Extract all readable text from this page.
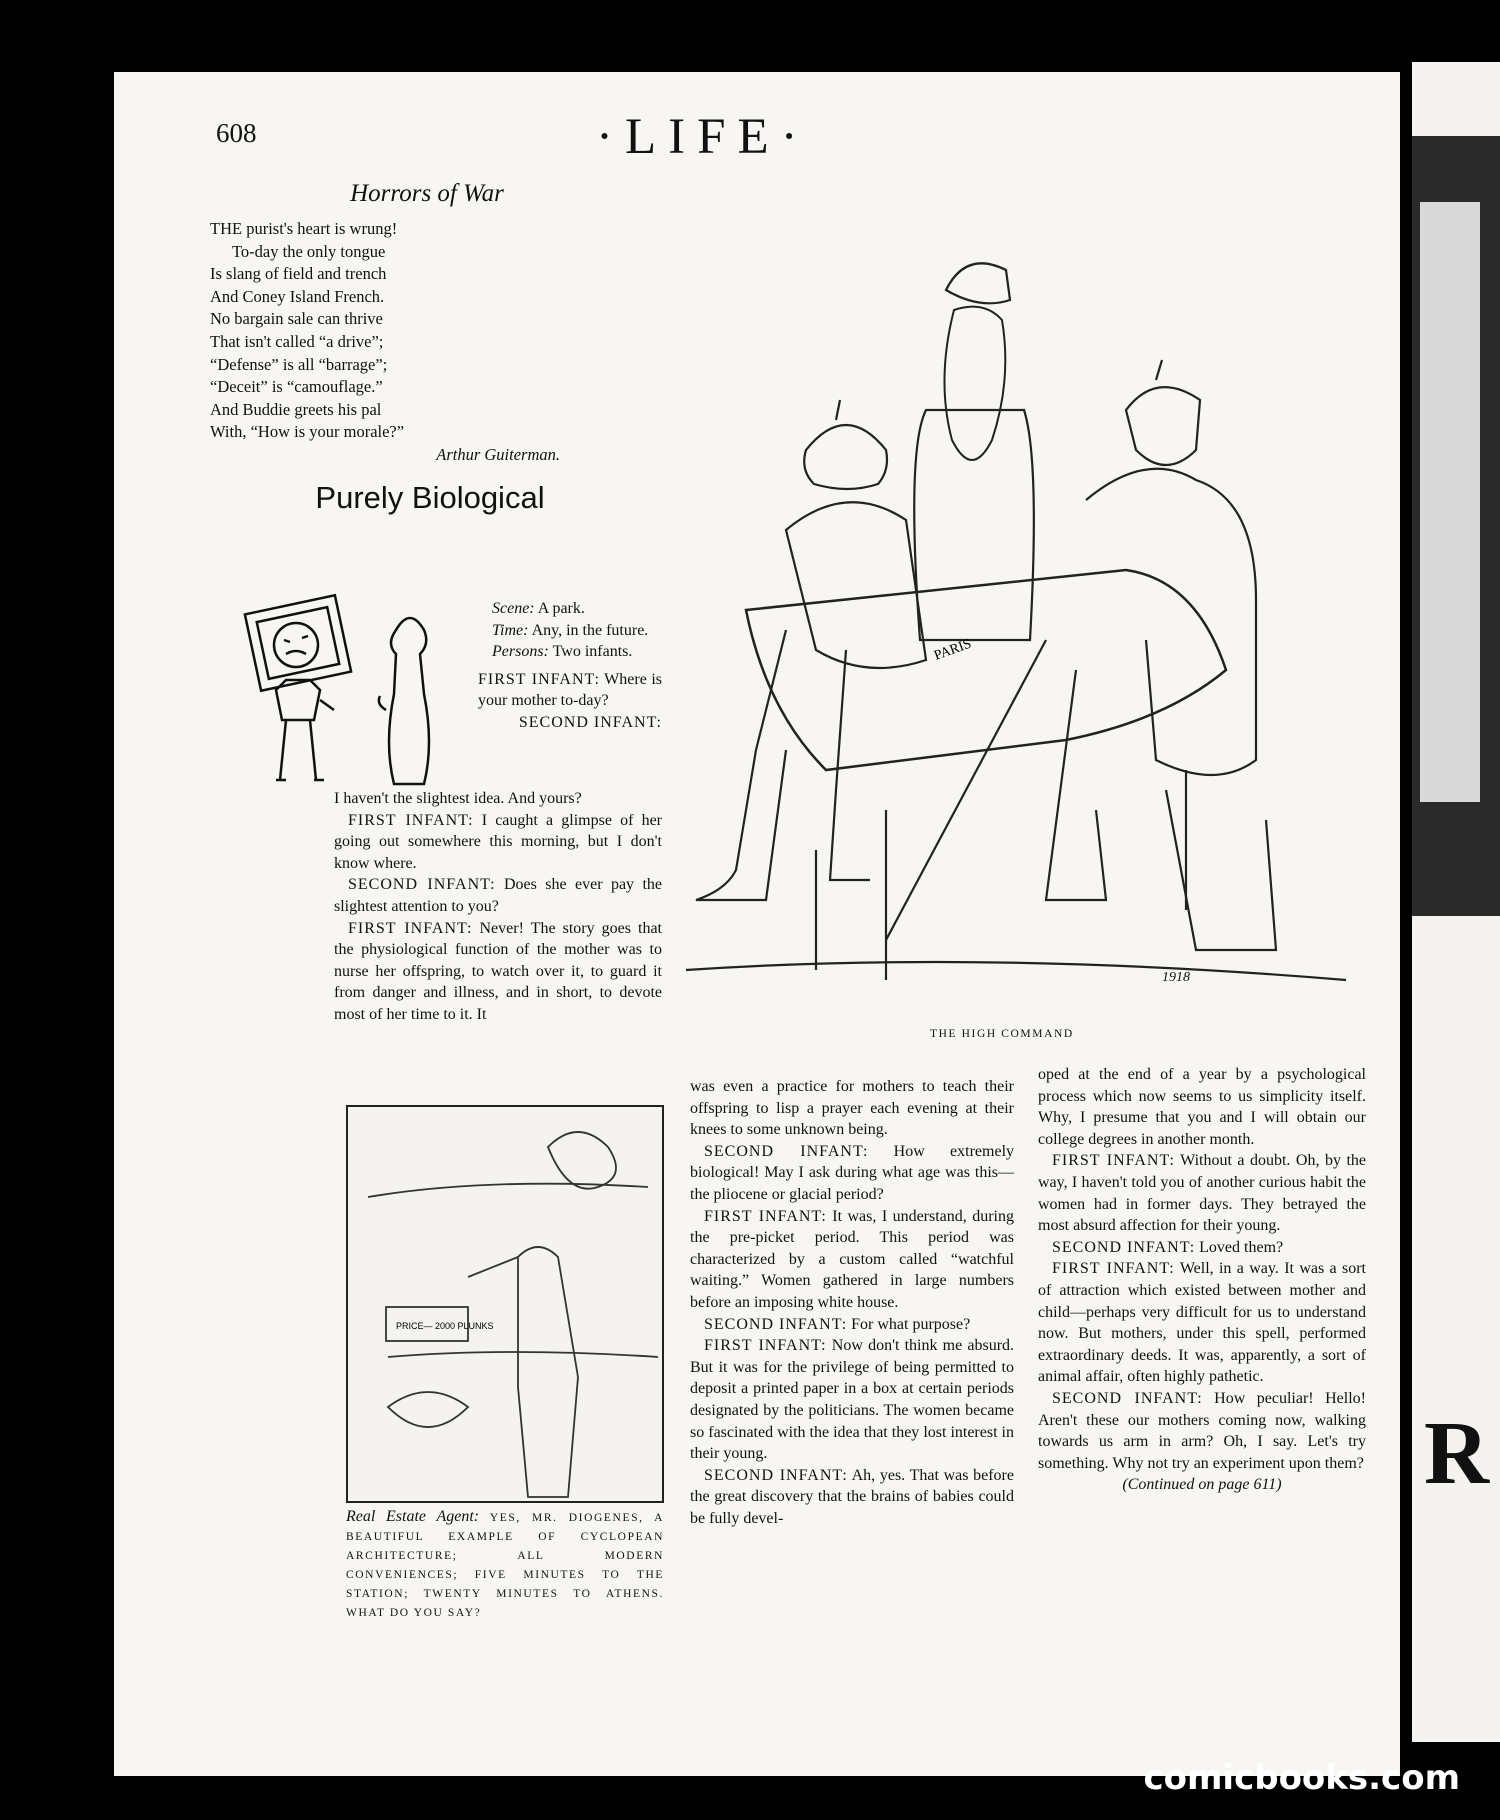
R
608	·LIFE·
Horrors of War
THE purist's heart is wrung!
To-day the only tongue
Is slang of field and trench
And Coney Island French.
No bargain sale can thrive
That isn't called “a drive”;
“Defense” is all “barrage”;
“Deceit” is “camouflage.”
And Buddie greets his pal
With, “How is your morale?”
Arthur Guiterman.
Purely Biological
Scene: A park.
Time: Any, in the future.
Persons: Two infants.
FIRST INFANT: Where is your mother to-day?
SECOND INFANT:
I haven't the slightest idea. And yours?
FIRST INFANT: I caught a glimpse of her going out somewhere this morning, but I don't know where.
SECOND INFANT: Does she ever pay the slightest attention to you?
FIRST INFANT: Never! The story goes that the physiological function of the mother was to nurse her offspring, to watch over it, to guard it from danger and illness, and in short, to devote most of her time to it. It
PARIS
1918
THE HIGH COMMAND
PRICE— 2000 PLUNKS
Real Estate Agent: YES, MR. DIOGENES, A BEAUTIFUL EXAMPLE OF CYCLOPEAN ARCHITECTURE; ALL MODERN CONVENIENCES; FIVE MINUTES TO THE STATION; TWENTY MINUTES TO ATHENS. WHAT DO YOU SAY?
was even a practice for mothers to teach their offspring to lisp a prayer each evening at their knees to some unknown being.
SECOND INFANT: How extremely biological! May I ask during what age was this—the pliocene or glacial period?
FIRST INFANT: It was, I understand, during the pre-picket period. This period was characterized by a custom called “watchful waiting.” Women gathered in large numbers before an imposing white house.
SECOND INFANT: For what purpose?
FIRST INFANT: Now don't think me absurd. But it was for the privilege of being permitted to deposit a printed paper in a box at certain periods designated by the politicians. The women became so fascinated with the idea that they lost interest in their young.
SECOND INFANT: Ah, yes. That was before the great discovery that the brains of babies could be fully devel-
oped at the end of a year by a psychological process which now seems to us simplicity itself. Why, I presume that you and I will obtain our college degrees in another month.
FIRST INFANT: Without a doubt. Oh, by the way, I haven't told you of another curious habit the women had in former days. They betrayed the most absurd affection for their young.
SECOND INFANT: Loved them?
FIRST INFANT: Well, in a way. It was a sort of attraction which existed between mother and child—perhaps very difficult for us to understand now. But mothers, under this spell, performed extraordinary deeds. It was, apparently, a sort of animal affair, often highly pathetic.
SECOND INFANT: How peculiar! Hello! Aren't these our mothers coming now, walking towards us arm in arm? Oh, I say. Let's try something. Why not try an experiment upon them?
(Continued on page 611)
comicbooks.com
